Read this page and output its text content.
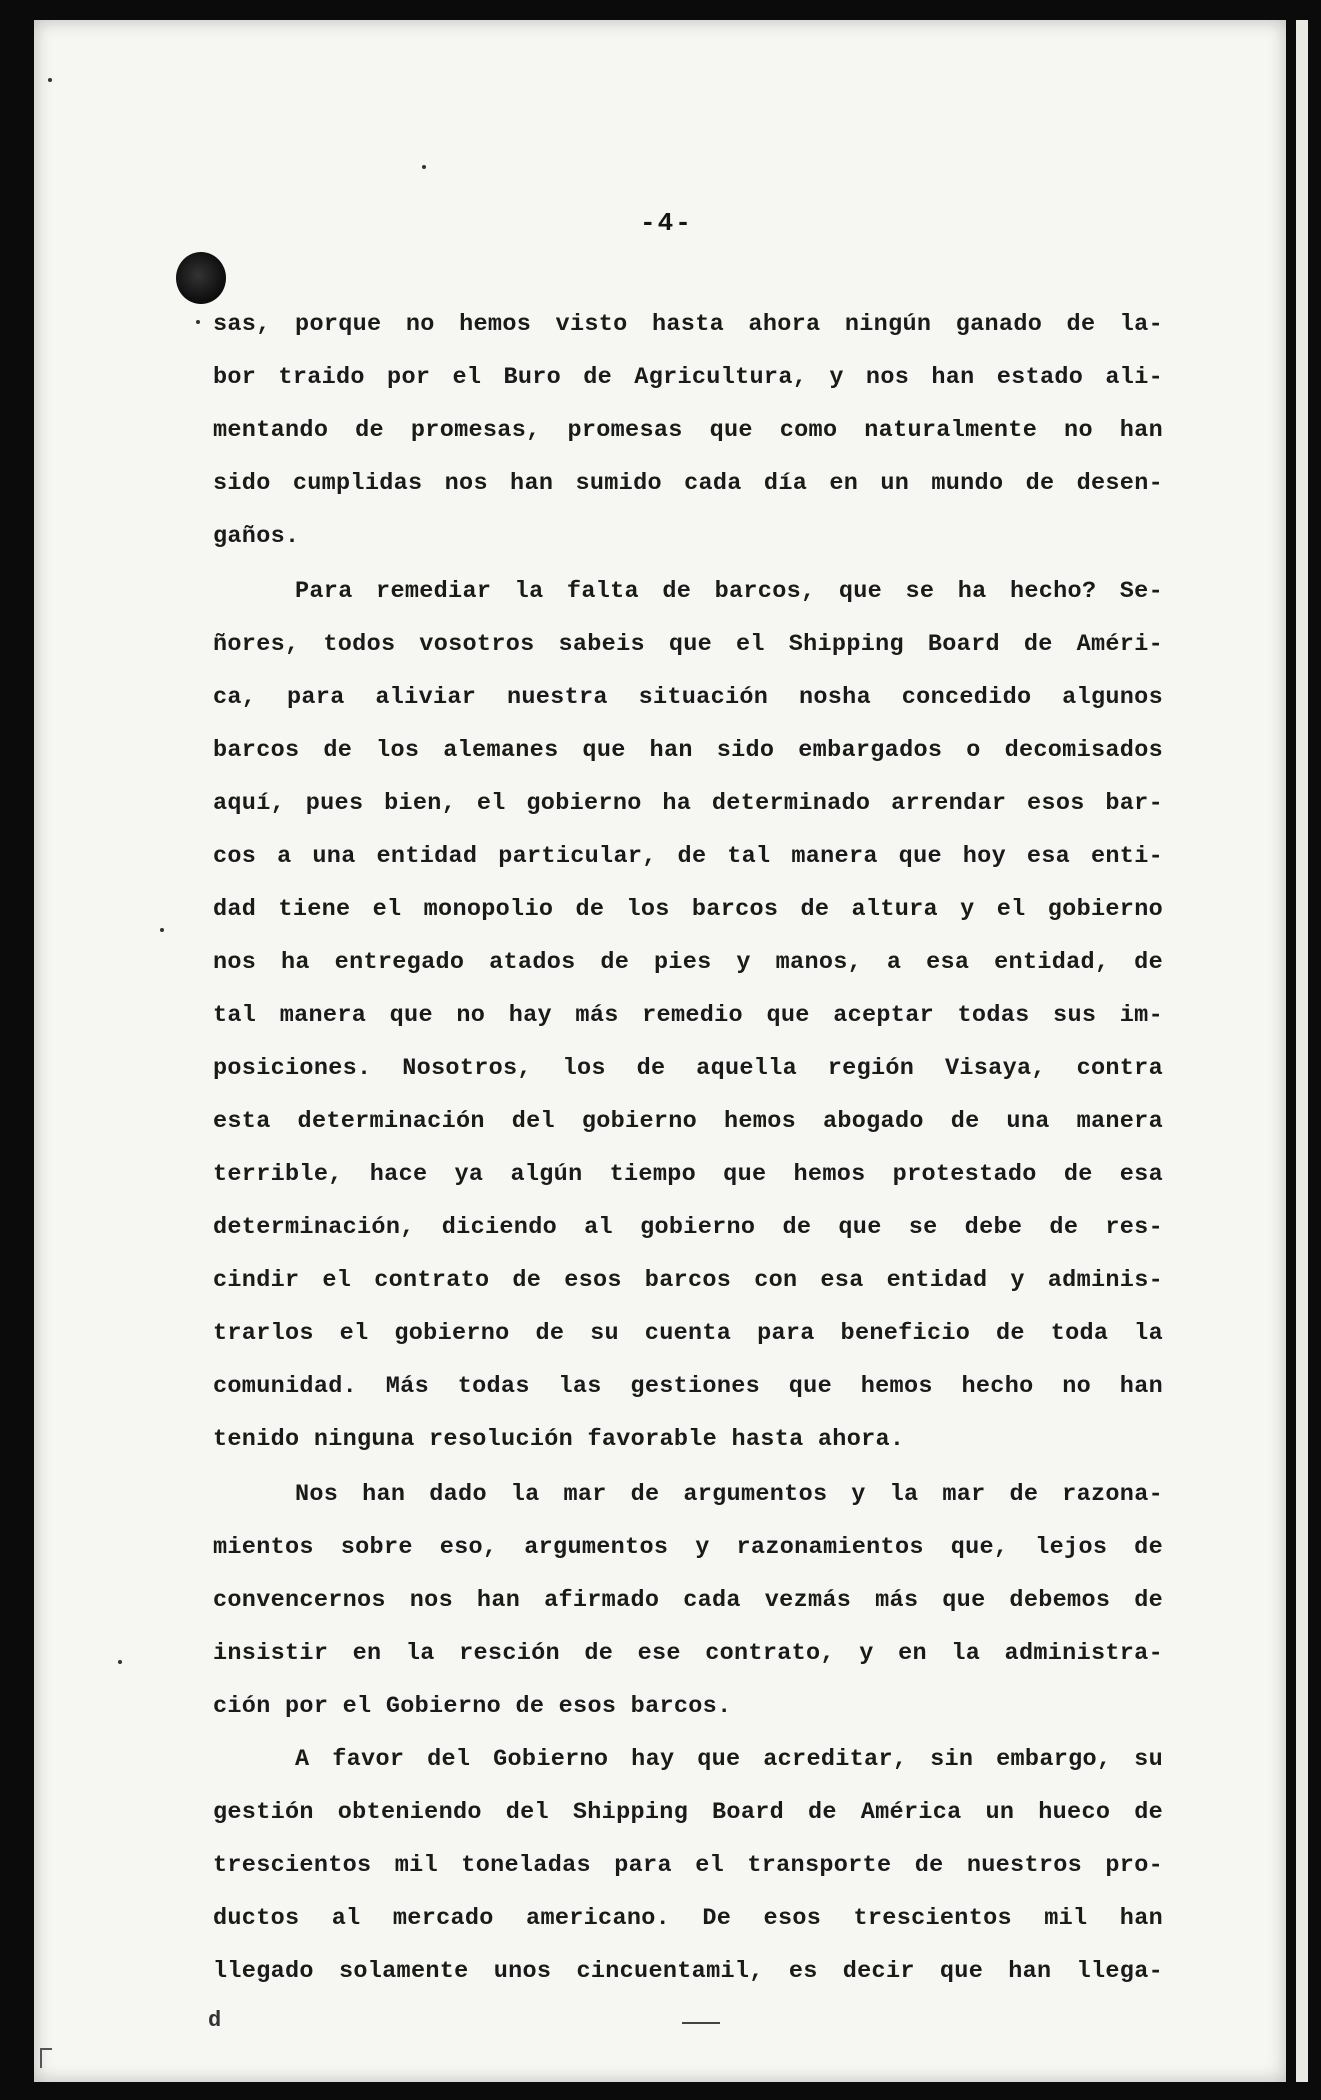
-4-
sas, porque no hemos visto hasta ahora ningún ganado de la-
bor traido por el Buro de Agricultura, y nos han estado ali-
mentando de promesas, promesas que como naturalmente no han
sido cumplidas nos han sumido cada día en un mundo de desen-
gaños.
Para remediar la falta de barcos, que se ha hecho? Se-
ñores, todos vosotros sabeis que el Shipping Board de Améri-
ca, para aliviar nuestra situación nosha concedido algunos
barcos de los alemanes que han sido embargados o decomisados
aquí, pues bien, el gobierno ha determinado arrendar esos bar-
cos a una entidad particular, de tal manera que hoy esa enti-
dad tiene el monopolio de los barcos de altura y el gobierno
nos ha entregado atados de pies y manos, a esa entidad, de
tal manera que no hay más remedio que aceptar todas sus im-
posiciones. Nosotros, los de aquella región Visaya, contra
esta determinación del gobierno hemos abogado de una manera
terrible, hace ya algún tiempo que hemos protestado de esa
determinación, diciendo al gobierno de que se debe de res-
cindir el contrato de esos barcos con esa entidad y adminis-
trarlos el gobierno de su cuenta para beneficio de toda la
comunidad. Más todas las gestiones que hemos hecho no han
tenido ninguna resolución favorable hasta ahora.
Nos han dado la mar de argumentos y la mar de razona-
mientos sobre eso, argumentos y razonamientos que, lejos de
convencernos nos han afirmado cada vezmás más que debemos de
insistir en la resción de ese contrato, y en la administra-
ción por el Gobierno de esos barcos.
A favor del Gobierno hay que acreditar, sin embargo, su
gestión obteniendo del Shipping Board de América un hueco de
trescientos mil toneladas para el transporte de nuestros pro-
ductos al mercado americano. De esos trescientos mil han
llegado solamente unos cincuentamil, es decir que han llega-
d
